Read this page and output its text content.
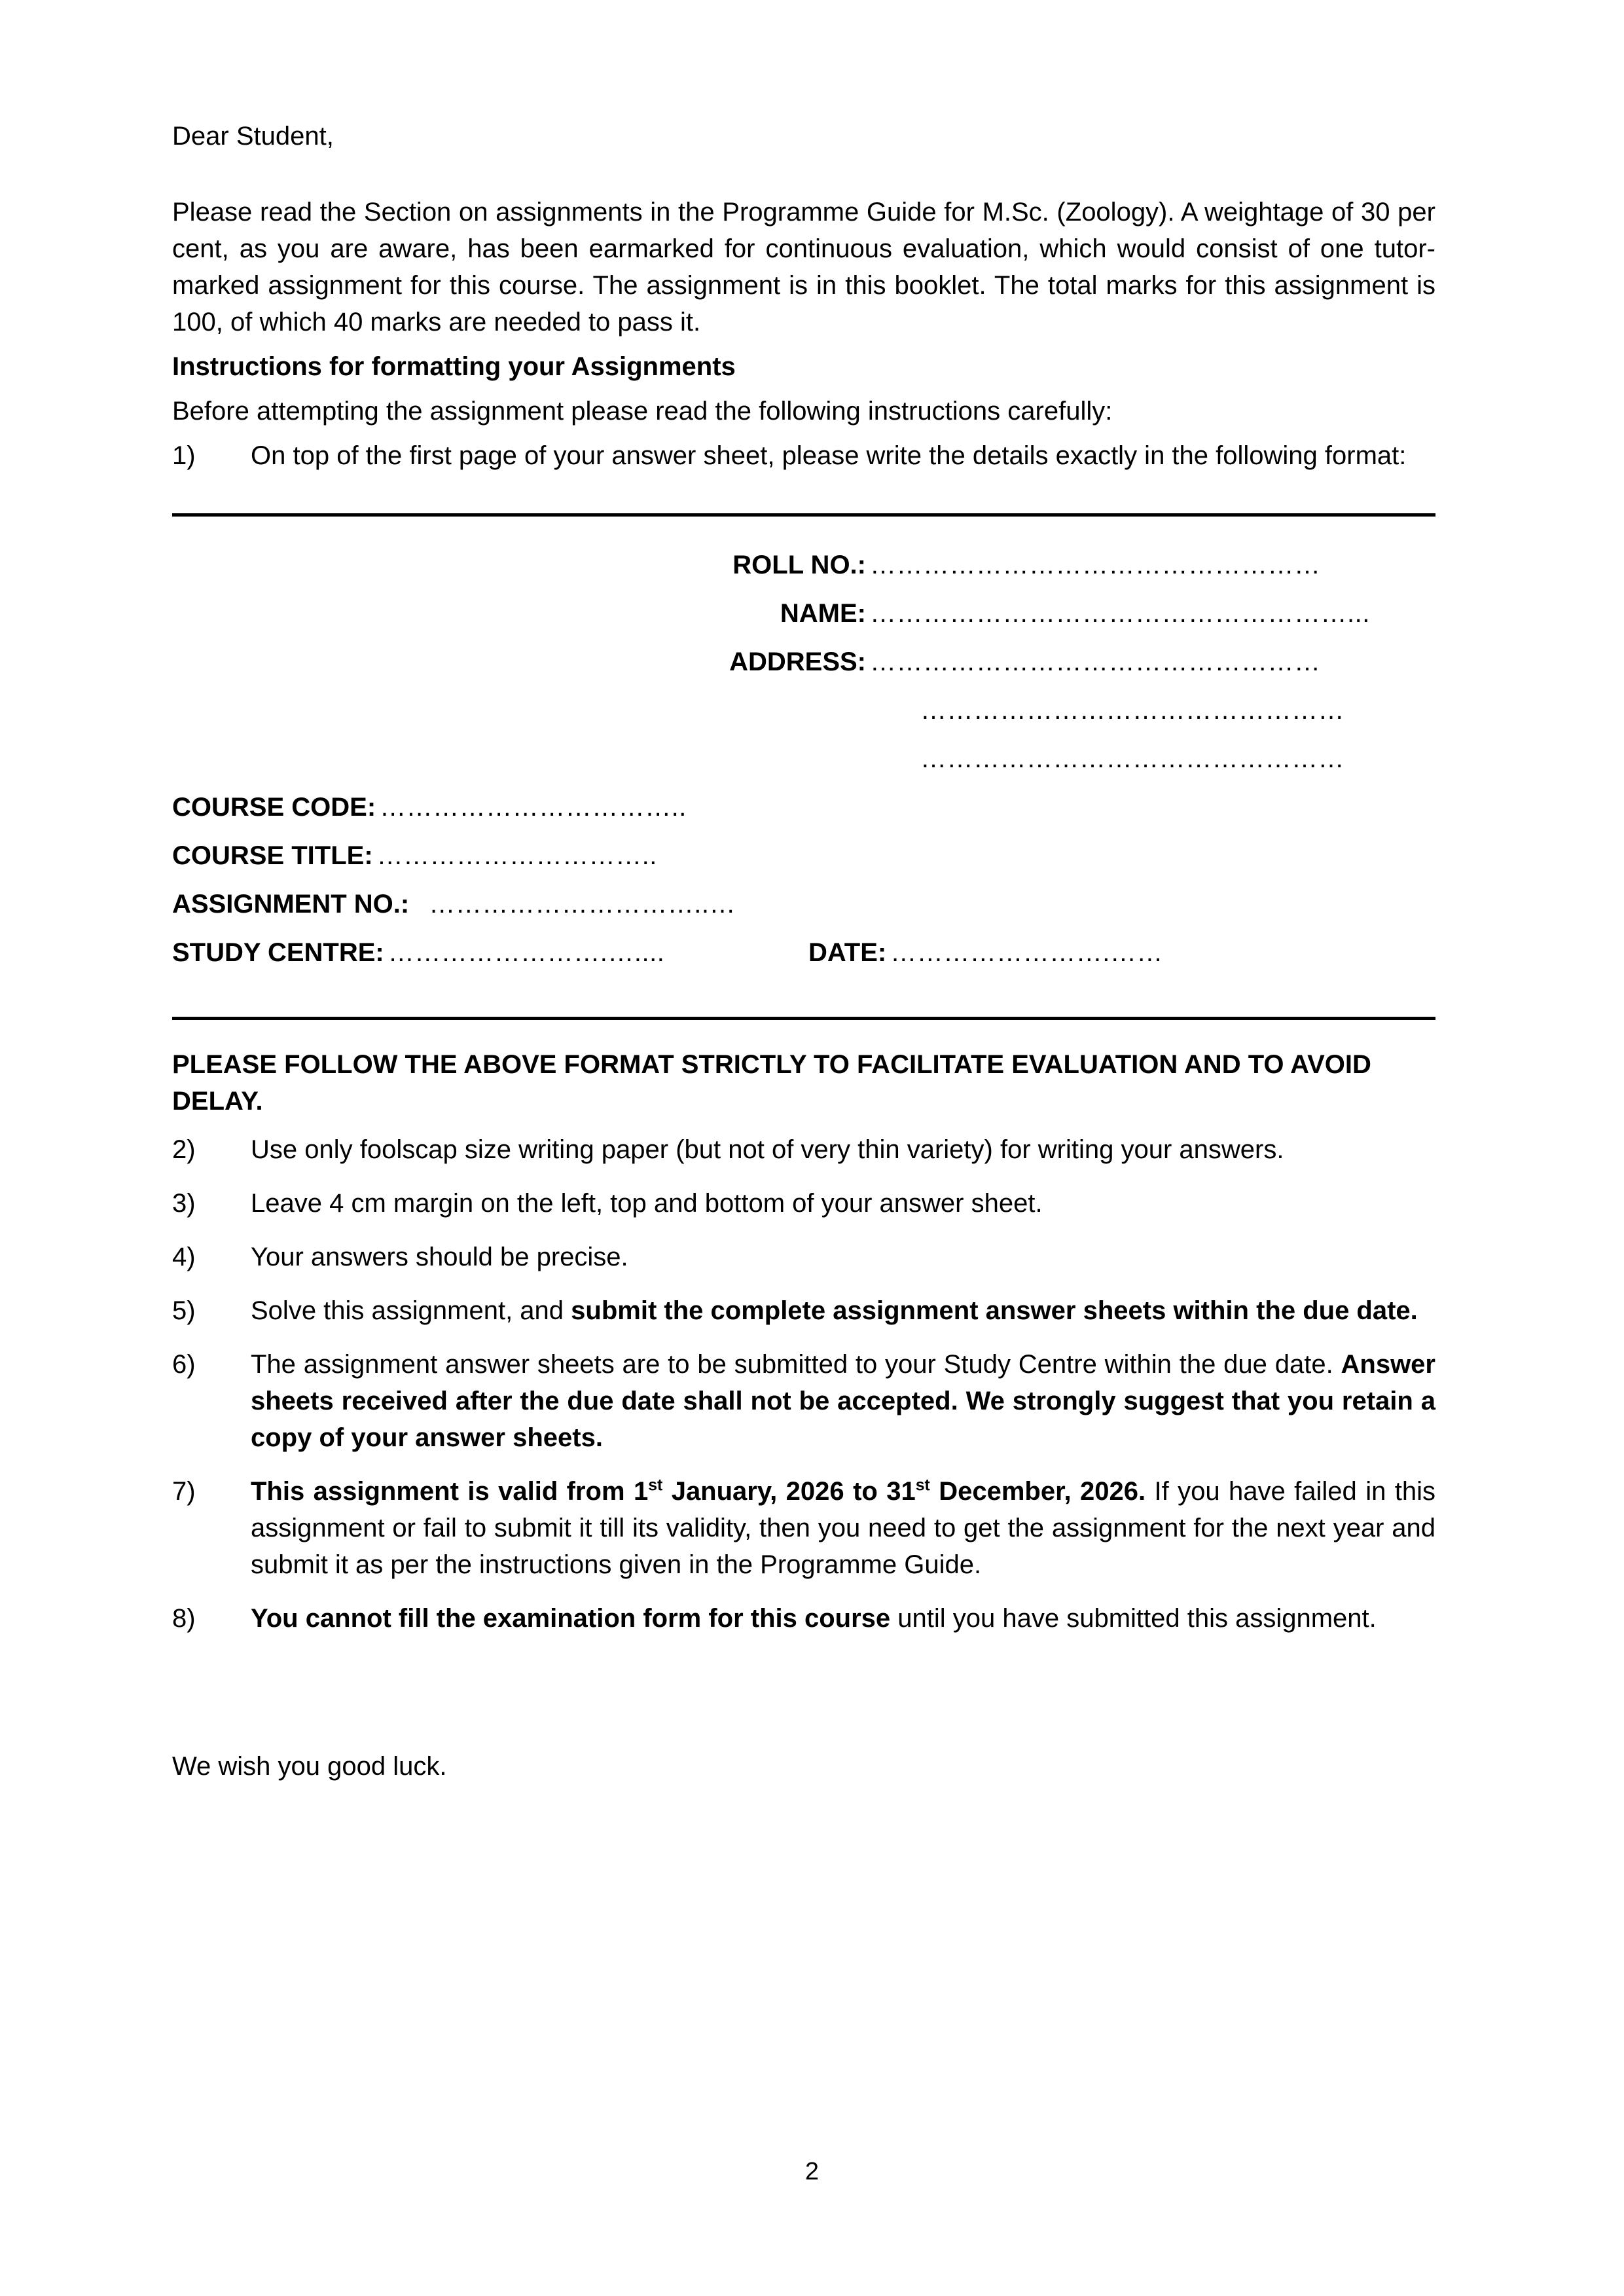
Dear Student,

Please read the Section on assignments in the Programme Guide for M.Sc. (Zoology). A weightage of 30 per cent, as you are aware, has been earmarked for continuous evaluation, which would consist of one tutor-marked assignment for this course. The assignment is in this booklet. The total marks for this assignment is 100, of which 40 marks are needed to pass it.

Instructions for formatting your Assignments

Before attempting the assignment please read the following instructions carefully:

1)	On top of the first page of your answer sheet, please write the details exactly in the following format:
ROLL NO.: ……………………………………………
NAME: ………………………………………………...
ADDRESS: ……………………………………………
…………………………………………
…………………………………………
COURSE CODE: ……………………………..
COURSE TITLE: …………………………..
ASSIGNMENT NO.: …………………………..…
STUDY CENTRE: …………………….…....	DATE: …………………….……

PLEASE FOLLOW THE ABOVE FORMAT STRICTLY TO FACILITATE EVALUATION AND TO AVOID DELAY.

2)	Use only foolscap size writing paper (but not of very thin variety) for writing your answers.
3)	Leave 4 cm margin on the left, top and bottom of your answer sheet.
4)	Your answers should be precise.
5)	Solve this assignment, and submit the complete assignment answer sheets within the due date.
6)	The assignment answer sheets are to be submitted to your Study Centre within the due date. Answer sheets received after the due date shall not be accepted. We strongly suggest that you retain a copy of your answer sheets.
7)	This assignment is valid from 1st January, 2026 to 31st December, 2026. If you have failed in this assignment or fail to submit it till its validity, then you need to get the assignment for the next year and submit it as per the instructions given in the Programme Guide.
8)	You cannot fill the examination form for this course until you have submitted this assignment.

We wish you good luck.

2
